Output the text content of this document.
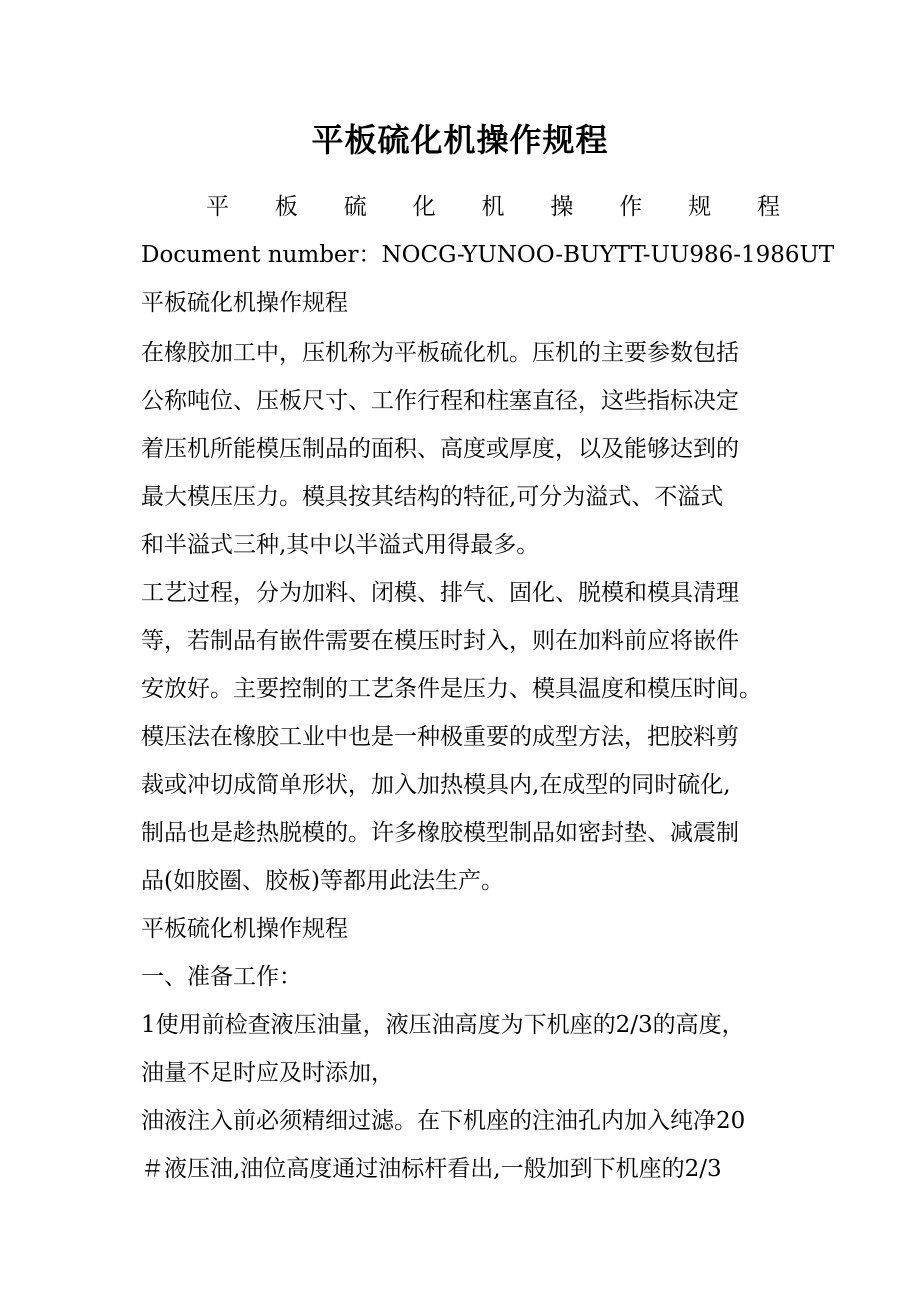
平板硫化机操作规程
平 板 硫 化 机 操 作 规 程
Document number：NOCG-YUNOO-BUYTT-UU986-1986UT
平板硫化机操作规程
在橡胶加工中，压机称为平板硫化机。压机的主要参数包括
公称吨位、压板尺寸、工作行程和柱塞直径，这些指标决定
着压机所能模压制品的面积、高度或厚度，以及能够达到的
最大模压压力。模具按其结构的特征,可分为溢式、不溢式
和半溢式三种,其中以半溢式用得最多。
工艺过程，分为加料、闭模、排气、固化、脱模和模具清理
等，若制品有嵌件需要在模压时封入，则在加料前应将嵌件
安放好。主要控制的工艺条件是压力、模具温度和模压时间。
模压法在橡胶工业中也是一种极重要的成型方法，把胶料剪
裁或冲切成简单形状，加入加热模具内,在成型的同时硫化,
制品也是趁热脱模的。许多橡胶模型制品如密封垫、减震制
品(如胶圈、胶板)等都用此法生产。
平板硫化机操作规程
一、准备工作：
1使用前检查液压油量，液压油高度为下机座的2/3的高度，
油量不足时应及时添加，
油液注入前必须精细过滤。在下机座的注油孔内加入纯净20
＃液压油,油位高度通过油标杆看出,一般加到下机座的2/3
